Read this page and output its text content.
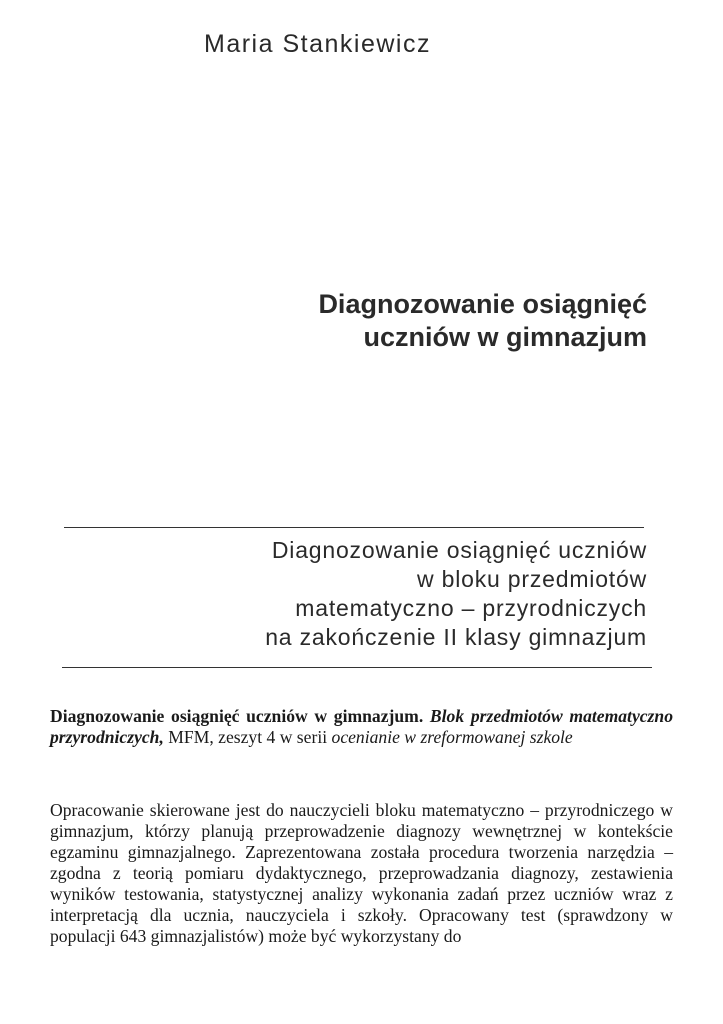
Maria Stankiewicz
Diagnozowanie osiągnięć
uczniów w gimnazjum
Diagnozowanie osiągnięć uczniów
w bloku przedmiotów
matematyczno – przyrodniczych
na zakończenie II klasy gimnazjum
Diagnozowanie osiągnięć uczniów w gimnazjum. Blok przedmiotów matematyczno przyrodniczych, MFM, zeszyt 4 w serii ocenianie w zreformowanej szkole
Opracowanie skierowane jest do nauczycieli bloku matematyczno – przyrodniczego w gimnazjum, którzy planują przeprowadzenie diagnozy wewnętrznej w kontekście egzaminu gimnazjalnego. Zaprezentowana została procedura tworzenia narzędzia – zgodna z teorią pomiaru dydaktycznego, przeprowadzania diagnozy, zestawienia wyników testowania, statystycznej analizy wykonania zadań przez uczniów wraz z interpretacją dla ucznia, nauczyciela i szkoły. Opracowany test (sprawdzony w populacji 643 gimnazjalistów) może być wykorzystany do
